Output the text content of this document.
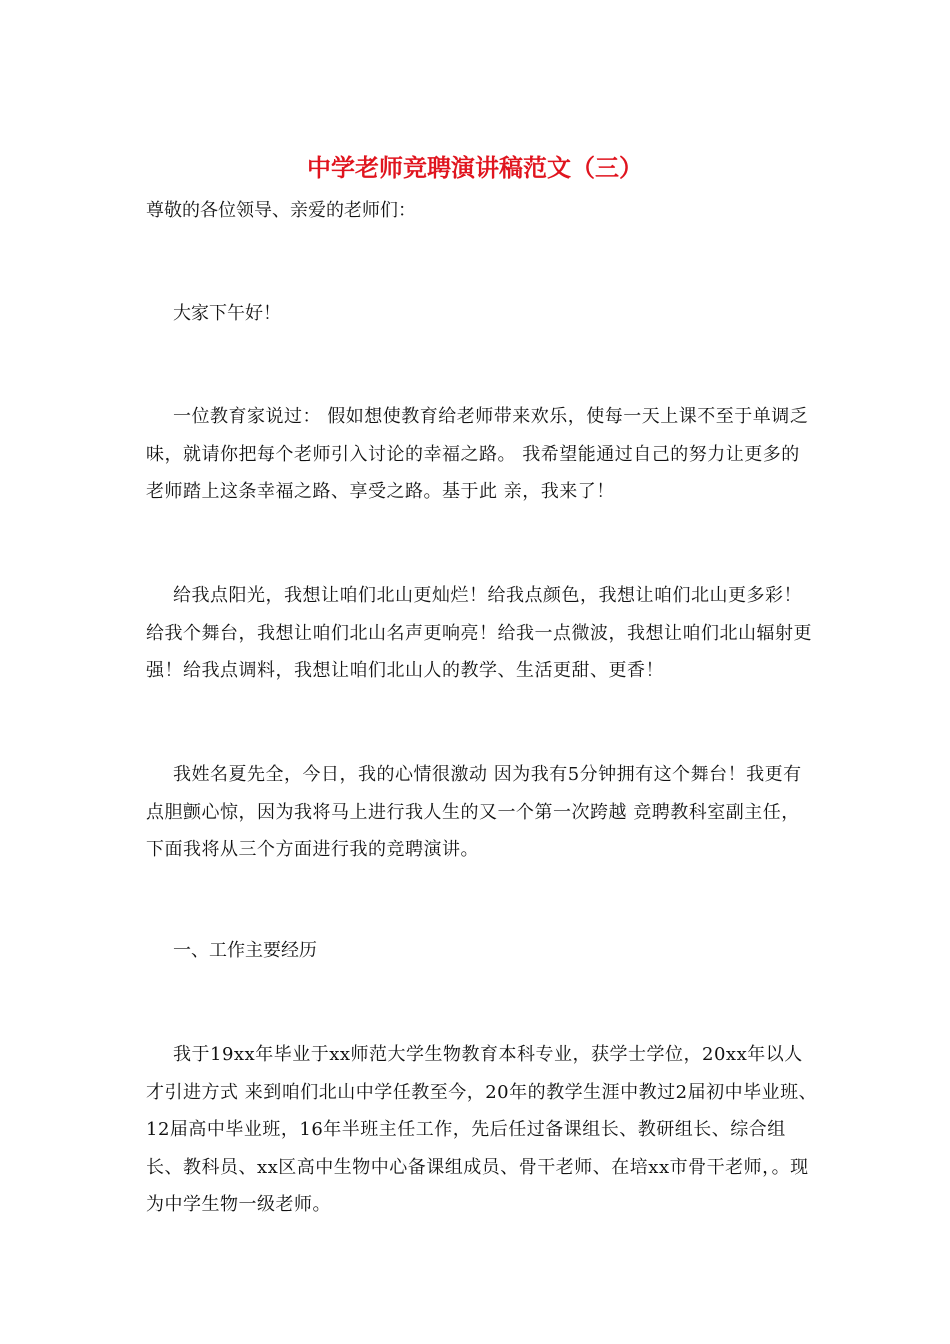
中学老师竞聘演讲稿范文（三）

尊敬的各位领导、亲爱的老师们：

大家下午好！

一位教育家说过： 假如想使教育给老师带来欢乐，使每一天上课不至于单调乏味，就请你把每个老师引入讨论的幸福之路。 我希望能通过自己的努力让更多的老师踏上这条幸福之路、享受之路。基于此 亲，我来了！

给我点阳光，我想让咱们北山更灿烂！给我点颜色，我想让咱们北山更多彩！给我个舞台，我想让咱们北山名声更响亮！给我一点微波，我想让咱们北山辐射更强！给我点调料，我想让咱们北山人的教学、生活更甜、更香！

我姓名夏先全，今日，我的心情很激动 因为我有5分钟拥有这个舞台！我更有点胆颤心惊，因为我将马上进行我人生的又一个第一次跨越 竞聘教科室副主任，下面我将从三个方面进行我的竞聘演讲。

一、工作主要经历

我于19xx年毕业于xx师范大学生物教育本科专业，获学士学位，20xx年以人才引进方式 来到咱们北山中学任教至今，20年的教学生涯中教过2届初中毕业班、12届高中毕业班，16年半班主任工作，先后任过备课组长、教研组长、综合组长、教科员、xx区高中生物中心备课组成员、骨干老师、在培xx市骨干老师，。现为中学生物一级老师。
